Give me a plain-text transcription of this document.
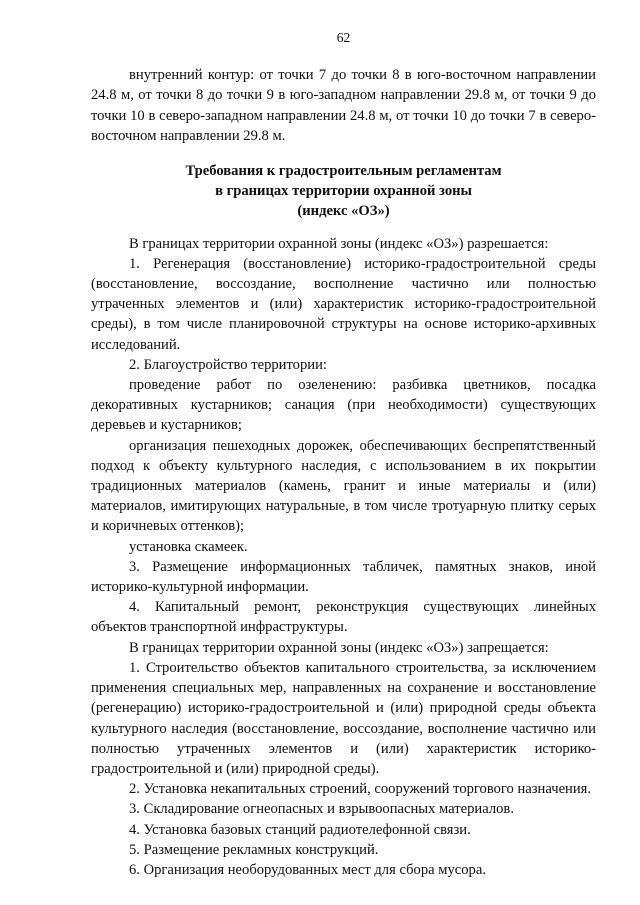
62

внутренний контур: от точки 7 до точки 8 в юго-восточном направлении 24.8 м, от точки 8 до точки 9 в юго-западном направлении 29.8 м, от точки 9 до точки 10 в северо-западном направлении 24.8 м, от точки 10 до точки 7 в северо-восточном направлении 29.8 м.

Требования к градостроительным регламентам
в границах территории охранной зоны
(индекс «ОЗ»)

В границах территории охранной зоны (индекс «ОЗ») разрешается:

1. Регенерация (восстановление) историко-градостроительной среды (восстановление, воссоздание, восполнение частично или полностью утраченных элементов и (или) характеристик историко-градостроительной среды), в том числе планировочной структуры на основе историко-архивных исследований.

2. Благоустройство территории:

проведение работ по озеленению: разбивка цветников, посадка декоративных кустарников; санация (при необходимости) существующих деревьев и кустарников;

организация пешеходных дорожек, обеспечивающих беспрепятственный подход к объекту культурного наследия, с использованием в их покрытии традиционных материалов (камень, гранит и иные материалы и (или) материалов, имитирующих натуральные, в том числе тротуарную плитку серых и коричневых оттенков);

установка скамеек.

3. Размещение информационных табличек, памятных знаков, иной историко-культурной информации.

4. Капитальный ремонт, реконструкция существующих линейных объектов транспортной инфраструктуры.

В границах территории охранной зоны (индекс «ОЗ») запрещается:

1. Строительство объектов капитального строительства, за исключением применения специальных мер, направленных на сохранение и восстановление (регенерацию) историко-градостроительной и (или) природной среды объекта культурного наследия (восстановление, воссоздание, восполнение частично или полностью утраченных элементов и (или) характеристик историко-градостроительной и (или) природной среды).

2. Установка некапитальных строений, сооружений торгового назначения.

3. Складирование огнеопасных и взрывоопасных материалов.

4. Установка базовых станций радиотелефонной связи.

5. Размещение рекламных конструкций.

6. Организация необорудованных мест для сбора мусора.
